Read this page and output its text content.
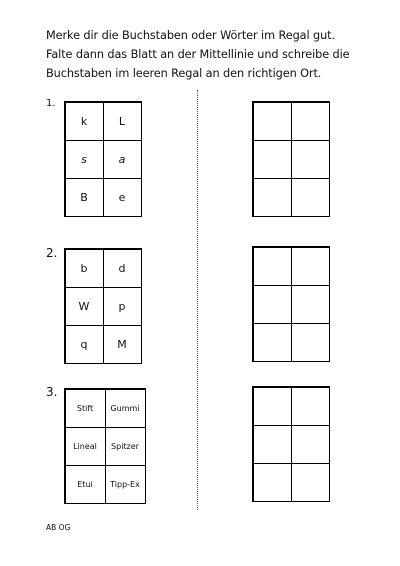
Merke dir die Buchstaben oder Wörter im Regal gut.
Falte dann das Blatt an der Mittellinie und schreibe die
Buchstaben im leeren Regal an den richtigen Ort.
1.
k	L
s	a
B	e
2.
b	d
W	p
q	M
3.
Stift	Gummi
Lineal	Spitzer
Etui	Tipp-Ex
AB OG
